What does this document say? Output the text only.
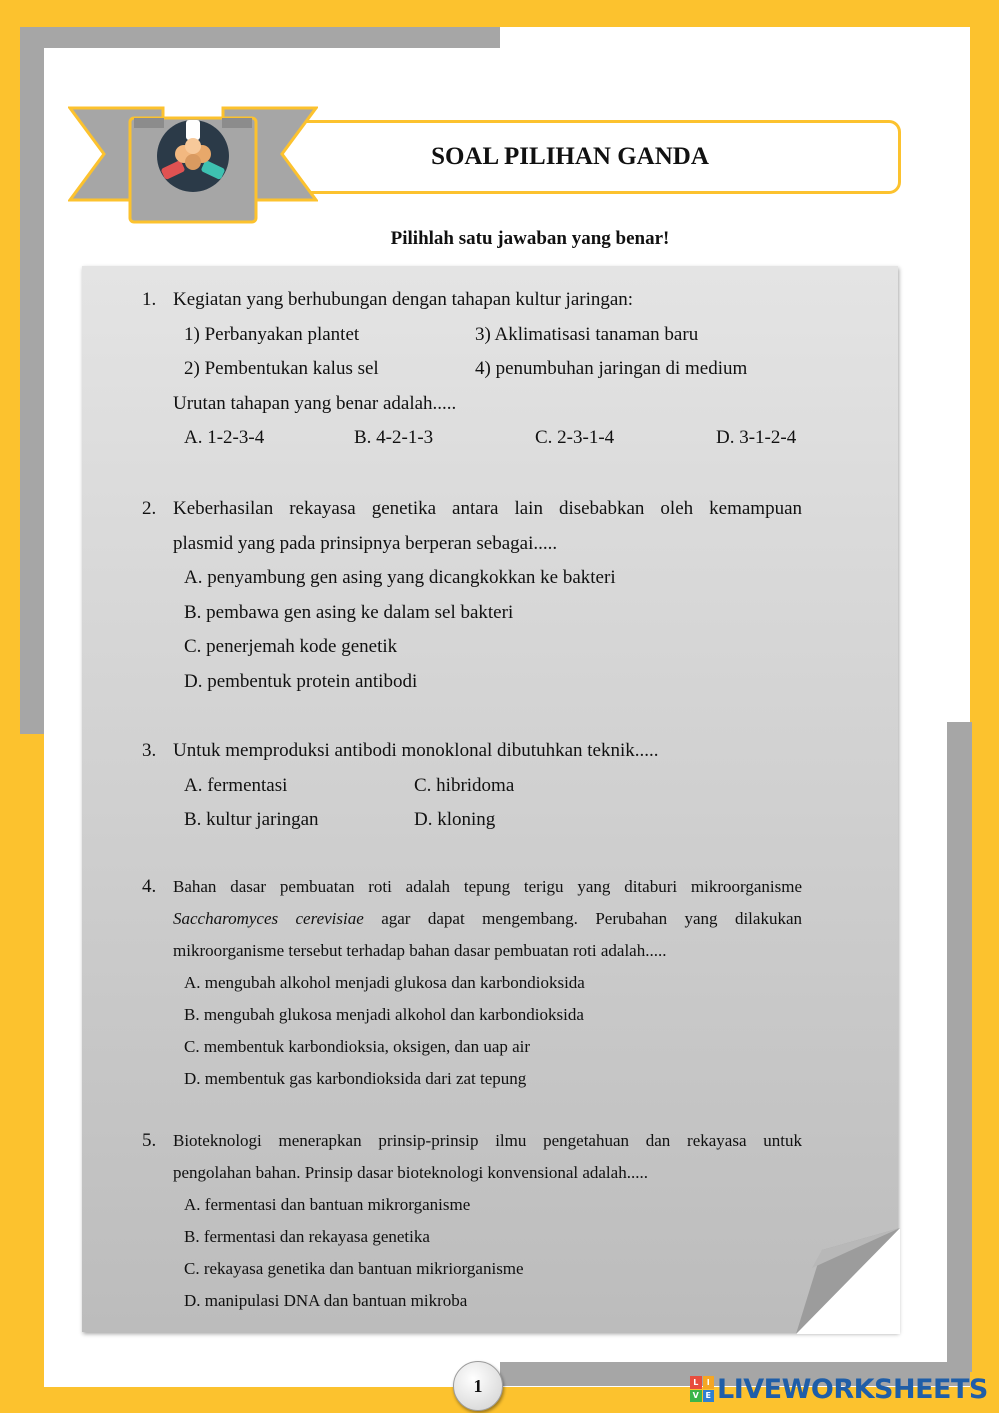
SOAL PILIHAN GANDA
Pilihlah satu jawaban yang benar!
1. Kegiatan yang berhubungan dengan tahapan kultur jaringan:
1) Perbanyakan plantet	3) Aklimatisasi tanaman baru
2) Pembentukan kalus sel	4) penumbuhan jaringan di medium
Urutan tahapan yang benar adalah.....
A. 1-2-3-4	B. 4-2-1-3	C. 2-3-1-4	D. 3-1-2-4
2. Keberhasilan rekayasa genetika antara lain disebabkan oleh kemampuan
plasmid yang pada prinsipnya berperan sebagai.....
A. penyambung gen asing yang dicangkokkan ke bakteri
B. pembawa gen asing ke dalam sel bakteri
C. penerjemah kode genetik
D. pembentuk protein antibodi
3. Untuk memproduksi antibodi monoklonal dibutuhkan teknik.....
A. fermentasi	C. hibridoma
B. kultur jaringan	D. kloning
4. Bahan dasar pembuatan roti adalah tepung terigu yang ditaburi mikroorganisme
Saccharomyces cerevisiae agar dapat mengembang. Perubahan yang dilakukan
mikroorganisme tersebut terhadap bahan dasar pembuatan roti adalah.....
A. mengubah alkohol menjadi glukosa dan karbondioksida
B. mengubah glukosa menjadi alkohol dan karbondioksida
C. membentuk karbondioksia, oksigen, dan uap air
D. membentuk gas karbondioksida dari zat tepung
5. Bioteknologi menerapkan prinsip-prinsip ilmu pengetahuan dan rekayasa untuk
pengolahan bahan. Prinsip dasar bioteknologi konvensional adalah.....
A. fermentasi dan bantuan mikrorganisme
B. fermentasi dan rekayasa genetika
C. rekayasa genetika dan bantuan mikriorganisme
D. manipulasi DNA dan bantuan mikroba
1	L	I
V E LIVEWORKSHEETS
